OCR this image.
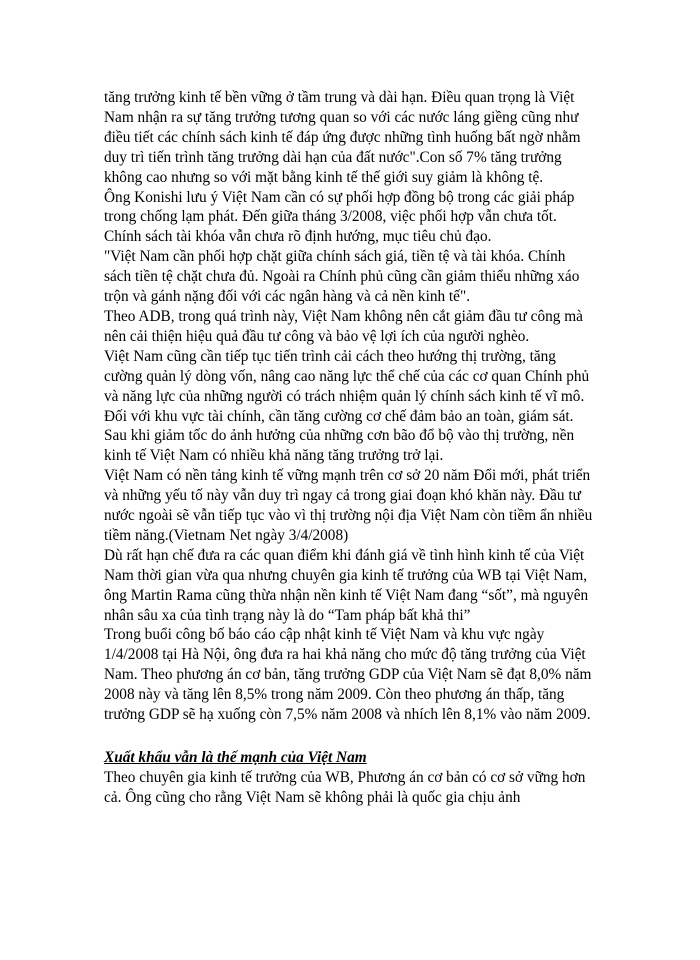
tăng trưởng kinh tế bền vững ở tầm trung và dài hạn. Điều quan trọng là Việt Nam nhận ra sự tăng trưởng tương quan so với các nước láng giềng cũng như điều tiết các chính sách kinh tế đáp ứng được những tình huống bất ngờ nhằm duy trì tiến trình tăng trưởng dài hạn của đất nước".Con số 7% tăng trưởng không cao nhưng so với mặt bằng kinh tế thế giới suy giảm là không tệ.

Ông Konishi lưu ý Việt Nam cần có sự phối hợp đồng bộ trong các giải pháp trong chống lạm phát. Đến giữa tháng 3/2008, việc phối hợp vẫn chưa tốt. Chính sách tài khóa vẫn chưa rõ định hướng, mục tiêu chủ đạo.

"Việt Nam cần phối hợp chặt giữa chính sách giá, tiền tệ và tài khóa. Chính sách tiền tệ chặt chưa đủ. Ngoài ra Chính phủ cũng cần giảm thiểu những xáo trộn và gánh nặng đối với các ngân hàng và cả nền kinh tế".

Theo ADB, trong quá trình này, Việt Nam không nên cắt giảm đầu tư công mà nên cải thiện hiệu quả đầu tư công và bảo vệ lợi ích của người nghèo.

Việt Nam cũng cần tiếp tục tiến trình cải cách theo hướng thị trường, tăng cường quản lý dòng vốn, nâng cao năng lực thể chế của các cơ quan Chính phủ và năng lực của những người có trách nhiệm quản lý chính sách kinh tế vĩ mô. Đối với khu vực tài chính, cần tăng cường cơ chế đảm bảo an toàn, giám sát.

Sau khi giảm tốc do ảnh hưởng của những cơn bão đổ bộ vào thị trường, nền kinh tế Việt Nam có nhiều khả năng tăng trưởng trở lại.

Việt Nam có nền tảng kinh tế vững mạnh trên cơ sở 20 năm Đổi mới, phát triển và những yếu tố này vẫn duy trì ngay cả trong giai đoạn khó khăn này. Đầu tư nước ngoài sẽ vẫn tiếp tục vào vì thị trường nội địa Việt Nam còn tiềm ẩn nhiều tiềm năng.(Vietnam Net ngày 3/4/2008)

Dù rất hạn chế đưa ra các quan điểm khi đánh giá về tình hình kinh tế của Việt Nam thời gian vừa qua nhưng chuyên gia kinh tế trưởng của WB tại Việt Nam, ông Martin Rama cũng thừa nhận nền kinh tế Việt Nam đang “sốt”, mà nguyên nhân sâu xa của tình trạng này là do “Tam pháp bất khả thi”

Trong buổi công bố báo cáo cập nhật kinh tế Việt Nam và khu vực ngày 1/4/2008 tại Hà Nội, ông đưa ra hai khả năng cho mức độ tăng trưởng của Việt Nam. Theo phương án cơ bản, tăng trưởng GDP của Việt Nam sẽ đạt 8,0% năm 2008 này và tăng lên 8,5% trong năm 2009. Còn theo phương án thấp, tăng trưởng GDP sẽ hạ xuống còn 7,5% năm 2008 và nhích lên 8,1% vào năm 2009.

Xuất khẩu vẫn là thế mạnh của Việt Nam

Theo chuyên gia kinh tế trưởng của WB, Phương án cơ bản có cơ sở vững hơn cả. Ông cũng cho rằng Việt Nam sẽ không phải là quốc gia chịu ảnh
